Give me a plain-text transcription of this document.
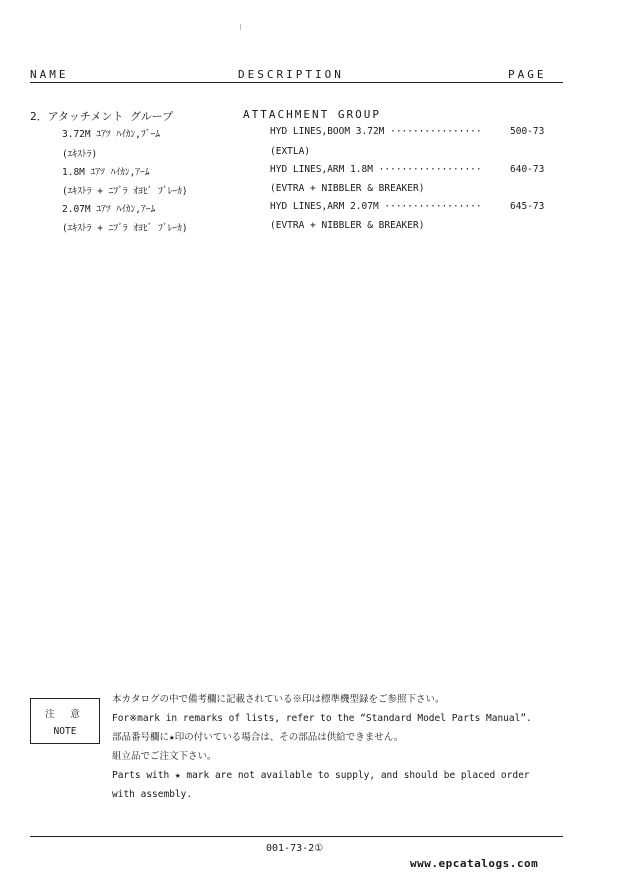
NAME	DESCRIPTION	PAGE
2．アタッチメント グループ	ATTACHMENT GROUP
3.72M ﾕｱﾂ ﾊｲｶﾝ,ﾌﾞｰﾑ	HYD LINES,BOOM 3.72M ················	500-73
(ｴｷｽﾄﾗ)	(EXTLA)
1.8M ﾕｱﾂ ﾊｲｶﾝ,ｱｰﾑ	HYD LINES,ARM 1.8M ··················	640-73
(ｴｷｽﾄﾗ + ﾆﾌﾞﾗ ｵﾖﾋﾞ ﾌﾞﾚｰｶ)	(EVTRA + NIBBLER & BREAKER)
2.07M ﾕｱﾂ ﾊｲｶﾝ,ｱｰﾑ	HYD LINES,ARM 2.07M ·················	645-73
(ｴｷｽﾄﾗ + ﾆﾌﾞﾗ ｵﾖﾋﾞ ﾌﾞﾚｰｶ)	(EVTRA + NIBBLER & BREAKER)
注 意
NOTE
本カタログの中で備考欄に記載されている※印は標準機型録をご参照下さい。
For※mark in remarks of lists, refer to the “Standard Model Parts Manual”.
部品番号欄に★印の付いている場合は、その部品は供給できません。
組立品でご注文下さい。
Parts with ★ mark are not available to supply, and should be placed order
with assembly.
001-73-2①
www.epcatalogs.com
